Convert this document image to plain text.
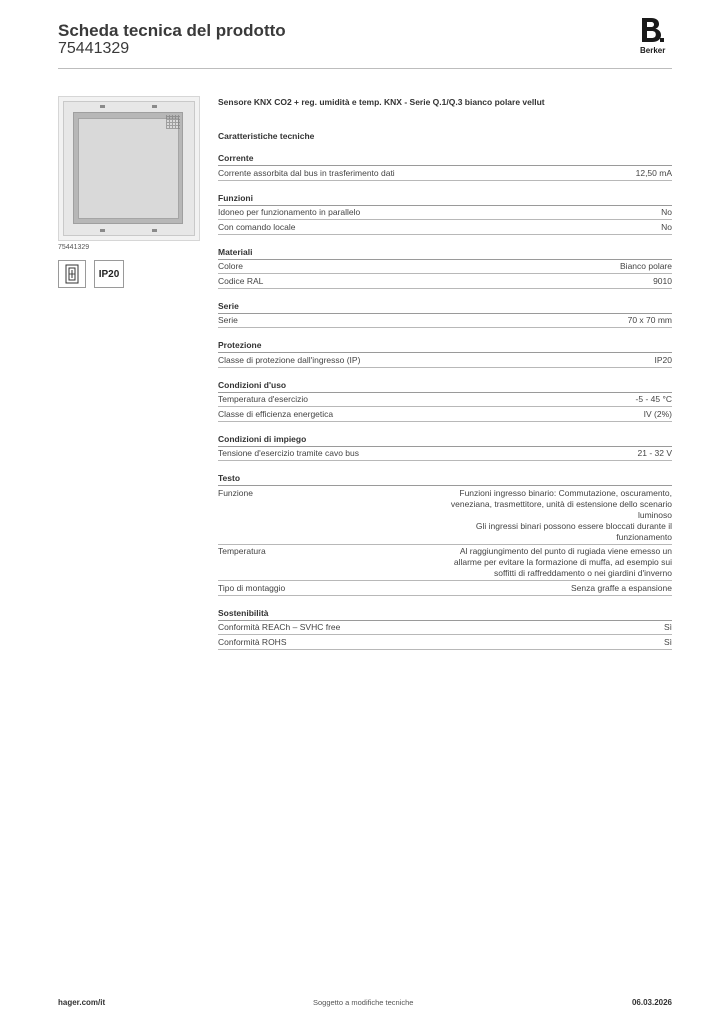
Scheda tecnica del prodotto
75441329	Berker
75441329
IP20
Sensore KNX CO2 + reg. umidità e temp. KNX - Serie Q.1/Q.3 bianco polare vellut
Caratteristiche tecniche
Corrente
Corrente assorbita dal bus in trasferimento dati	12,50 mA
Funzioni
Idoneo per funzionamento in parallelo	No
Con comando locale	No
Materiali
Colore	Bianco polare
Codice RAL	9010
Serie
Serie	70 x 70 mm
Protezione
Classe di protezione dall'ingresso (IP)	IP20
Condizioni d'uso
Temperatura d'esercizio	-5 - 45 °C
Classe di efficienza energetica	IV (2%)
Condizioni di impiego
Tensione d'esercizio tramite cavo bus	21 - 32 V
Testo
Funzione	Funzioni ingresso binario: Commutazione, oscuramento,
veneziana, trasmettitore, unità di estensione dello scenario
luminoso
Gli ingressi binari possono essere bloccati durante il
funzionamento
Temperatura	Al raggiungimento del punto di rugiada viene emesso un
allarme per evitare la formazione di muffa, ad esempio sui
soffitti di raffreddamento o nei giardini d'inverno
Tipo di montaggio	Senza graffe a espansione
Sostenibilità
Conformità REACh – SVHC free	Sì
Conformità ROHS	Sì
hager.com/it	Soggetto a modifiche tecniche	06.03.2026
